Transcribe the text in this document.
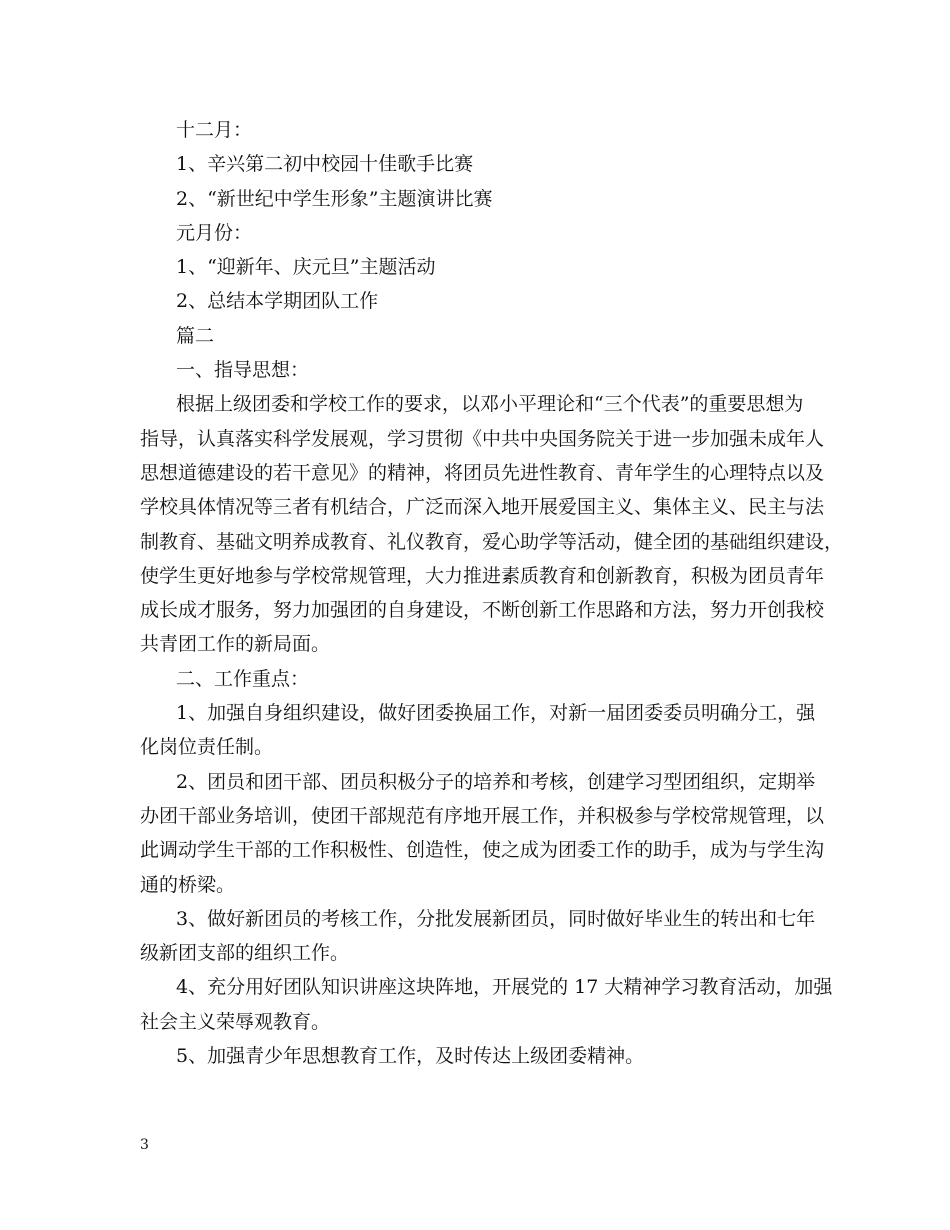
十二月：
1、辛兴第二初中校园十佳歌手比赛
2、“新世纪中学生形象”主题演讲比赛
元月份：
1、“迎新年、庆元旦”主题活动
2、总结本学期团队工作
篇二
一、指导思想：
根据上级团委和学校工作的要求，以邓小平理论和“三个代表”的重要思想为
指导，认真落实科学发展观，学习贯彻《中共中央国务院关于进一步加强未成年人
思想道德建设的若干意见》的精神，将团员先进性教育、青年学生的心理特点以及
学校具体情况等三者有机结合，广泛而深入地开展爱国主义、集体主义、民主与法
制教育、基础文明养成教育、礼仪教育，爱心助学等活动，健全团的基础组织建设，
使学生更好地参与学校常规管理，大力推进素质教育和创新教育，积极为团员青年
成长成才服务，努力加强团的自身建设，不断创新工作思路和方法，努力开创我校
共青团工作的新局面。
二、工作重点：
1、加强自身组织建设，做好团委换届工作，对新一届团委委员明确分工，强
化岗位责任制。
2、团员和团干部、团员积极分子的培养和考核，创建学习型团组织，定期举
办团干部业务培训，使团干部规范有序地开展工作，并积极参与学校常规管理，以
此调动学生干部的工作积极性、创造性，使之成为团委工作的助手，成为与学生沟
通的桥梁。
3、做好新团员的考核工作，分批发展新团员，同时做好毕业生的转出和七年
级新团支部的组织工作。
4、充分用好团队知识讲座这块阵地，开展党的 17 大精神学习教育活动，加强
社会主义荣辱观教育。
5、加强青少年思想教育工作，及时传达上级团委精神。
3
